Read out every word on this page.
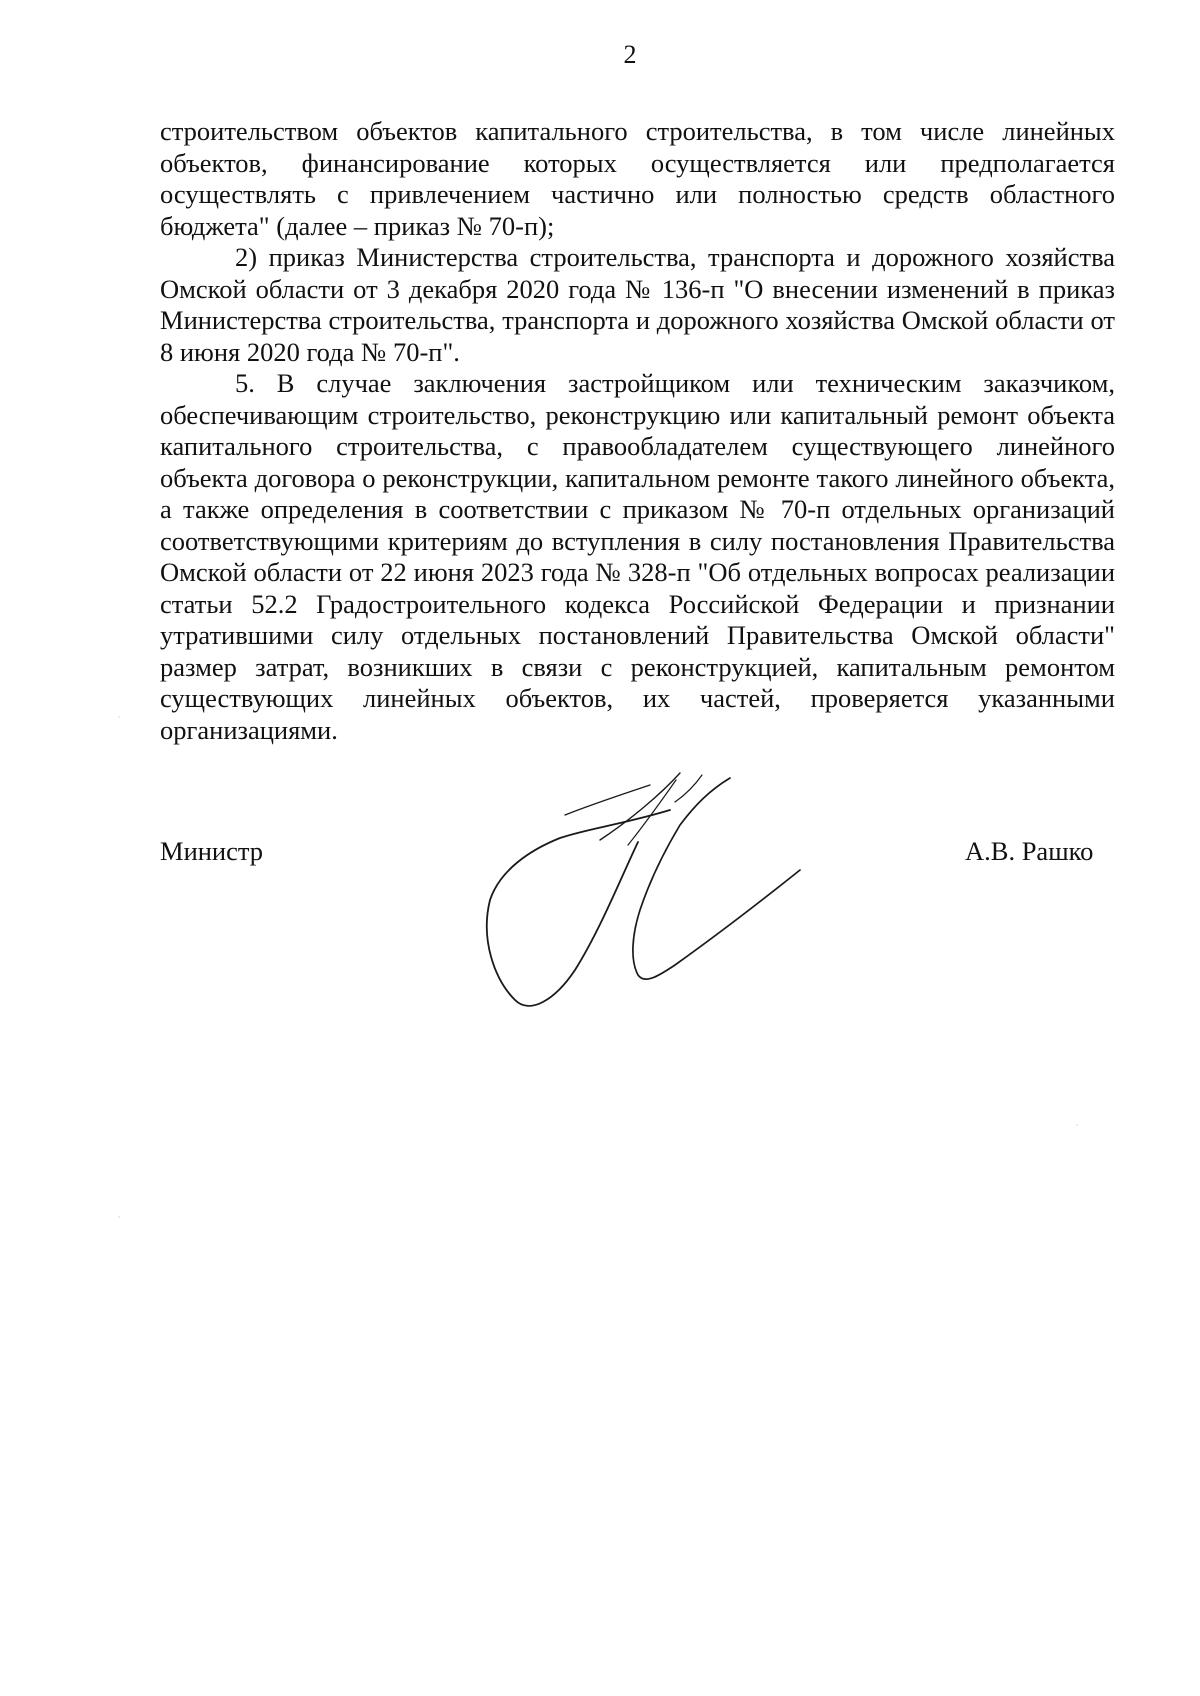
2

строительством объектов капитального строительства, в том числе линейных объектов, финансирование которых осуществляется или предполагается осуществлять с привлечением частично или полностью средств областного бюджета" (далее – приказ № 70-п);

2) приказ Министерства строительства, транспорта и дорожного хозяйства Омской области от 3 декабря 2020 года № 136-п "О внесении изменений в приказ Министерства строительства, транспорта и дорожного хозяйства Омской области от 8 июня 2020 года № 70-п".

5. В случае заключения застройщиком или техническим заказчиком, обеспечивающим строительство, реконструкцию или капитальный ремонт объекта капитального строительства, с правообладателем существующего линейного объекта договора о реконструкции, капитальном ремонте такого линейного объекта, а также определения в соответствии с приказом № 70-п отдельных организаций соответствующими критериям до вступления в силу постановления Правительства Омской области от 22 июня 2023 года № 328-п "Об отдельных вопросах реализации статьи 52.2 Градостроительного кодекса Российской Федерации и признании утратившими силу отдельных постановлений Правительства Омской области" размер затрат, возникших в связи с реконструкцией, капитальным ремонтом существующих линейных объектов, их частей, проверяется указанными организациями.

Министр	А.В. Рашко
